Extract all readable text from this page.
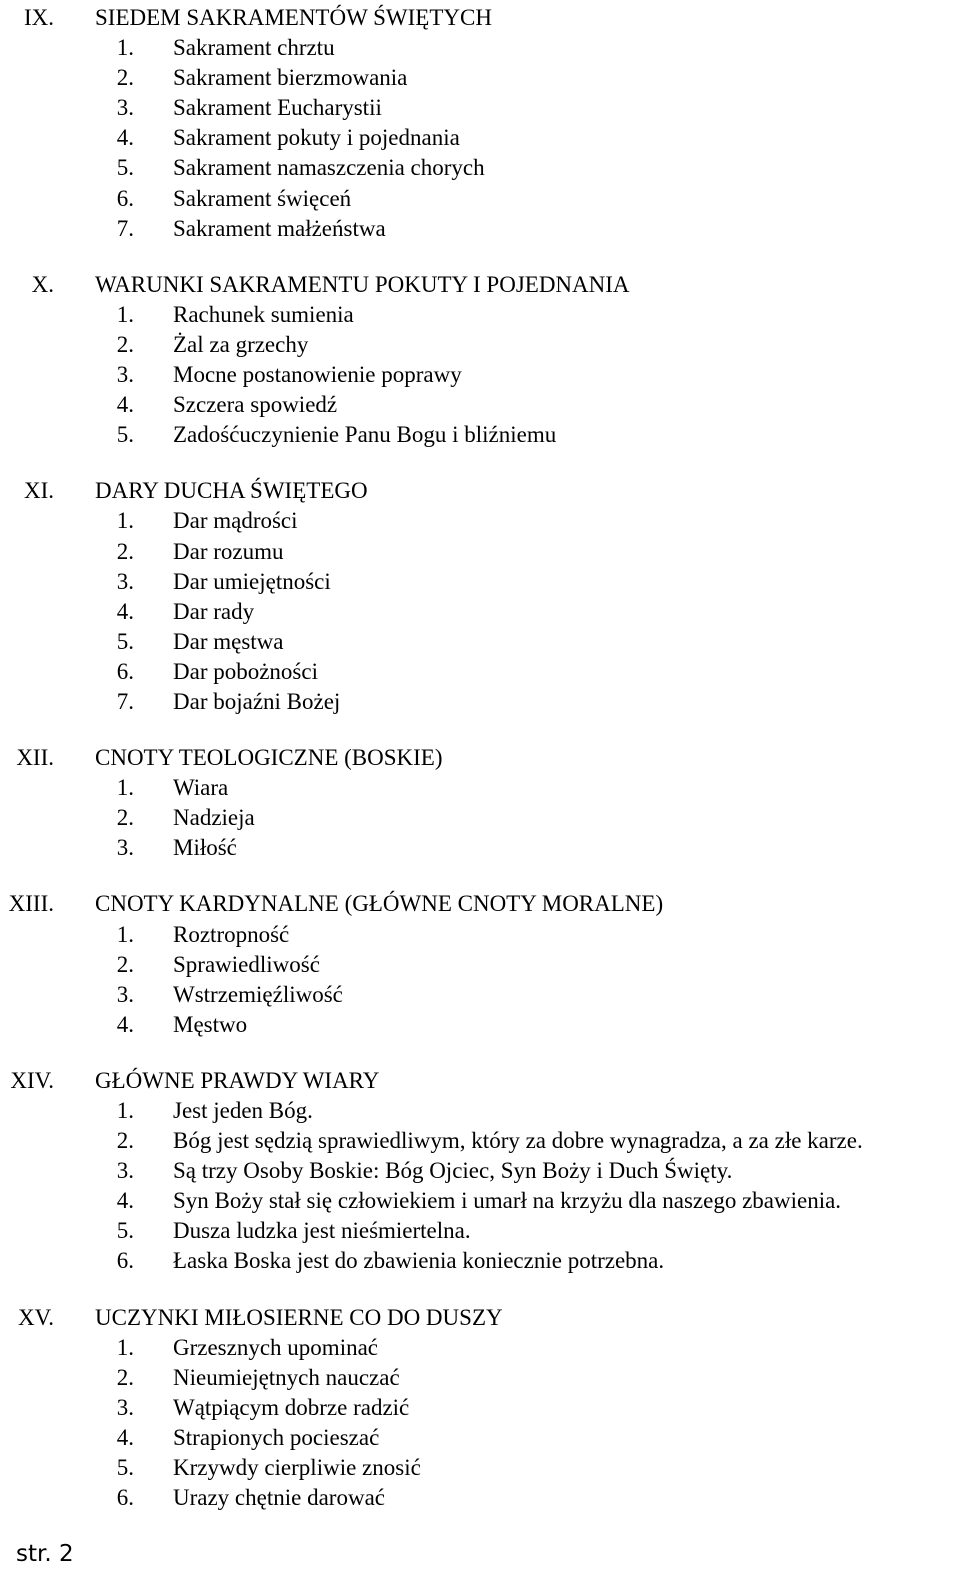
IX. SIEDEM SAKRAMENTÓW ŚWIĘTYCH
1. Sakrament chrztu
2. Sakrament bierzmowania
3. Sakrament Eucharystii
4. Sakrament pokuty i pojednania
5. Sakrament namaszczenia chorych
6. Sakrament święceń
7. Sakrament małżeństwa
X. WARUNKI SAKRAMENTU POKUTY I POJEDNANIA
1. Rachunek sumienia
2. Żal za grzechy
3. Mocne postanowienie poprawy
4. Szczera spowiedź
5. Zadośćuczynienie Panu Bogu i bliźniemu
XI. DARY DUCHA ŚWIĘTEGO
1. Dar mądrości
2. Dar rozumu
3. Dar umiejętności
4. Dar rady
5. Dar męstwa
6. Dar pobożności
7. Dar bojaźni Bożej
XII. CNOTY TEOLOGICZNE (BOSKIE)
1. Wiara
2. Nadzieja
3. Miłość
XIII. CNOTY KARDYNALNE (GŁÓWNE CNOTY MORALNE)
1. Roztropność
2. Sprawiedliwość
3. Wstrzemięźliwość
4. Męstwo
XIV. GŁÓWNE PRAWDY WIARY
1. Jest jeden Bóg.
2. Bóg jest sędzią sprawiedliwym, który za dobre wynagradza, a za złe karze.
3. Są trzy Osoby Boskie: Bóg Ojciec, Syn Boży i Duch Święty.
4. Syn Boży stał się człowiekiem i umarł na krzyżu dla naszego zbawienia.
5. Dusza ludzka jest nieśmiertelna.
6. Łaska Boska jest do zbawienia koniecznie potrzebna.
XV. UCZYNKI MIŁOSIERNE CO DO DUSZY
1. Grzesznych upominać
2. Nieumiejętnych nauczać
3. Wątpiącym dobrze radzić
4. Strapionych pocieszać
5. Krzywdy cierpliwie znosić
6. Urazy chętnie darować
str. 2
